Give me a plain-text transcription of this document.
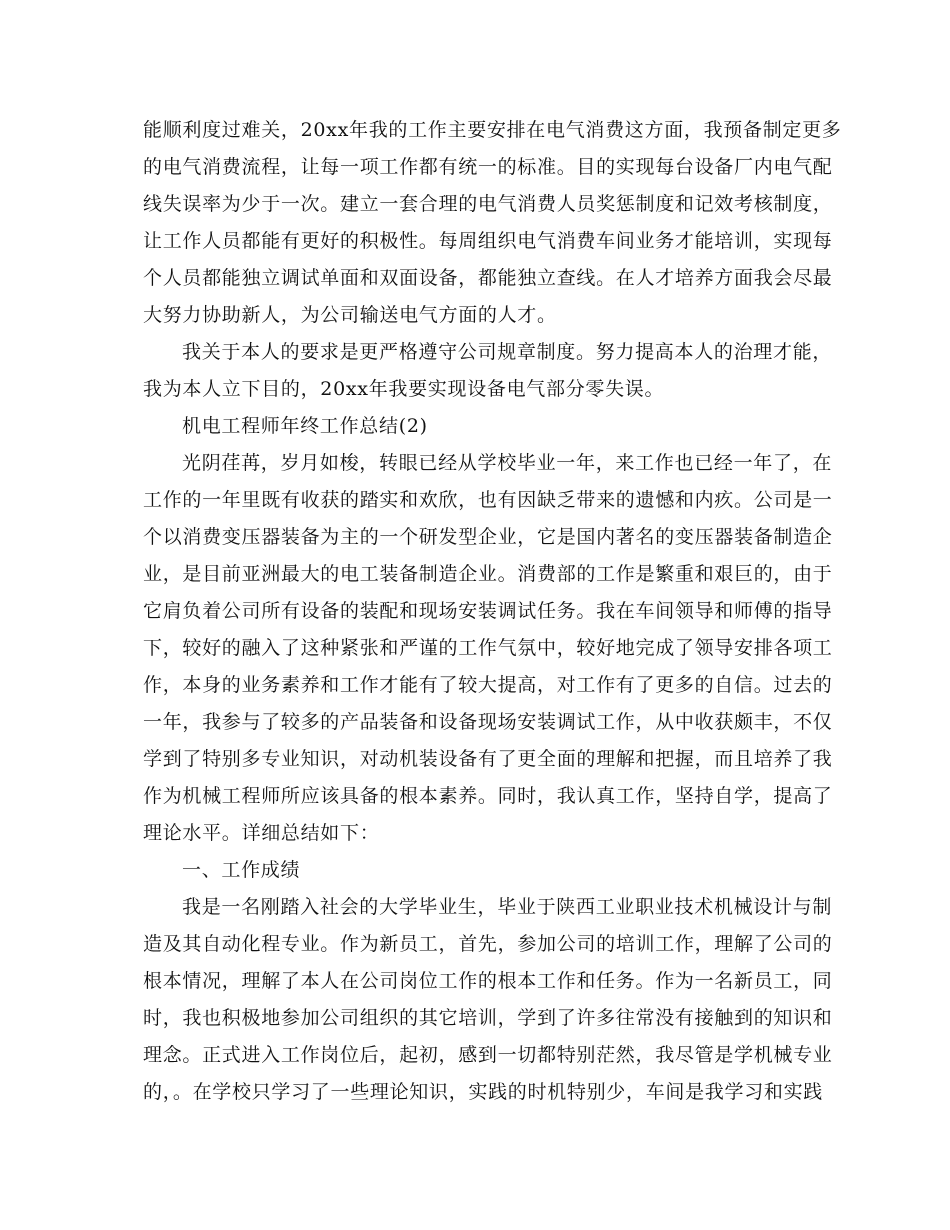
能顺利度过难关，20xx年我的工作主要安排在电气消费这方面，我预备制定更多
的电气消费流程，让每一项工作都有统一的标准。目的实现每台设备厂内电气配
线失误率为少于一次。建立一套合理的电气消费人员奖惩制度和记效考核制度，
让工作人员都能有更好的积极性。每周组织电气消费车间业务才能培训，实现每
个人员都能独立调试单面和双面设备，都能独立查线。在人才培养方面我会尽最
大努力协助新人，为公司输送电气方面的人才。
我关于本人的要求是更严格遵守公司规章制度。努力提高本人的治理才能，
我为本人立下目的，20xx年我要实现设备电气部分零失误。
机电工程师年终工作总结(2)
光阴荏苒，岁月如梭，转眼已经从学校毕业一年，来工作也已经一年了，在
工作的一年里既有收获的踏实和欢欣，也有因缺乏带来的遗憾和内疚。公司是一
个以消费变压器装备为主的一个研发型企业，它是国内著名的变压器装备制造企
业，是目前亚洲最大的电工装备制造企业。消费部的工作是繁重和艰巨的，由于
它肩负着公司所有设备的装配和现场安装调试任务。我在车间领导和师傅的指导
下，较好的融入了这种紧张和严谨的工作气氛中，较好地完成了领导安排各项工
作，本身的业务素养和工作才能有了较大提高，对工作有了更多的自信。过去的
一年，我参与了较多的产品装备和设备现场安装调试工作，从中收获颇丰，不仅
学到了特别多专业知识，对动机装设备有了更全面的理解和把握，而且培养了我
作为机械工程师所应该具备的根本素养。同时，我认真工作，坚持自学，提高了
理论水平。详细总结如下：
一、工作成绩
我是一名刚踏入社会的大学毕业生，毕业于陕西工业职业技术机械设计与制
造及其自动化程专业。作为新员工，首先，参加公司的培训工作，理解了公司的
根本情况，理解了本人在公司岗位工作的根本工作和任务。作为一名新员工，同
时，我也积极地参加公司组织的其它培训，学到了许多往常没有接触到的知识和
理念。正式进入工作岗位后，起初，感到一切都特别茫然，我尽管是学机械专业
的，。在学校只学习了一些理论知识，实践的时机特别少，车间是我学习和实践
